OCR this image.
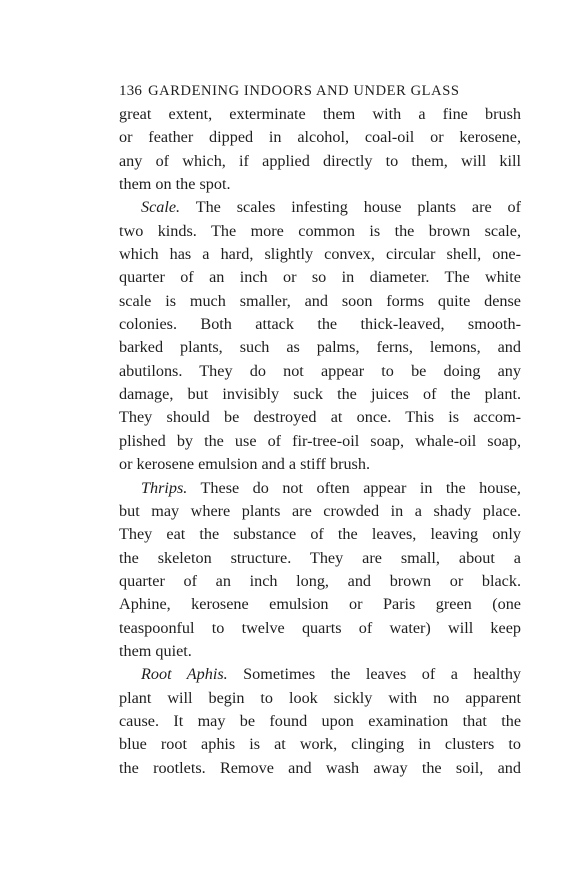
136 GARDENING INDOORS AND UNDER GLASS
great extent, exterminate them with a fine brush
or feather dipped in alcohol, coal-oil or kerosene,
any of which, if applied directly to them, will kill
them on the spot.
Scale. The scales infesting house plants are of
two kinds. The more common is the brown scale,
which has a hard, slightly convex, circular shell, one-
quarter of an inch or so in diameter. The white
scale is much smaller, and soon forms quite dense
colonies. Both attack the thick-leaved, smooth-
barked plants, such as palms, ferns, lemons, and
abutilons. They do not appear to be doing any
damage, but invisibly suck the juices of the plant.
They should be destroyed at once. This is accom-
plished by the use of fir-tree-oil soap, whale-oil soap,
or kerosene emulsion and a stiff brush.
Thrips. These do not often appear in the house,
but may where plants are crowded in a shady place.
They eat the substance of the leaves, leaving only
the skeleton structure. They are small, about a
quarter of an inch long, and brown or black.
Aphine, kerosene emulsion or Paris green (one
teaspoonful to twelve quarts of water) will keep
them quiet.
Root Aphis. Sometimes the leaves of a healthy
plant will begin to look sickly with no apparent
cause. It may be found upon examination that the
blue root aphis is at work, clinging in clusters to
the rootlets. Remove and wash away the soil, and
